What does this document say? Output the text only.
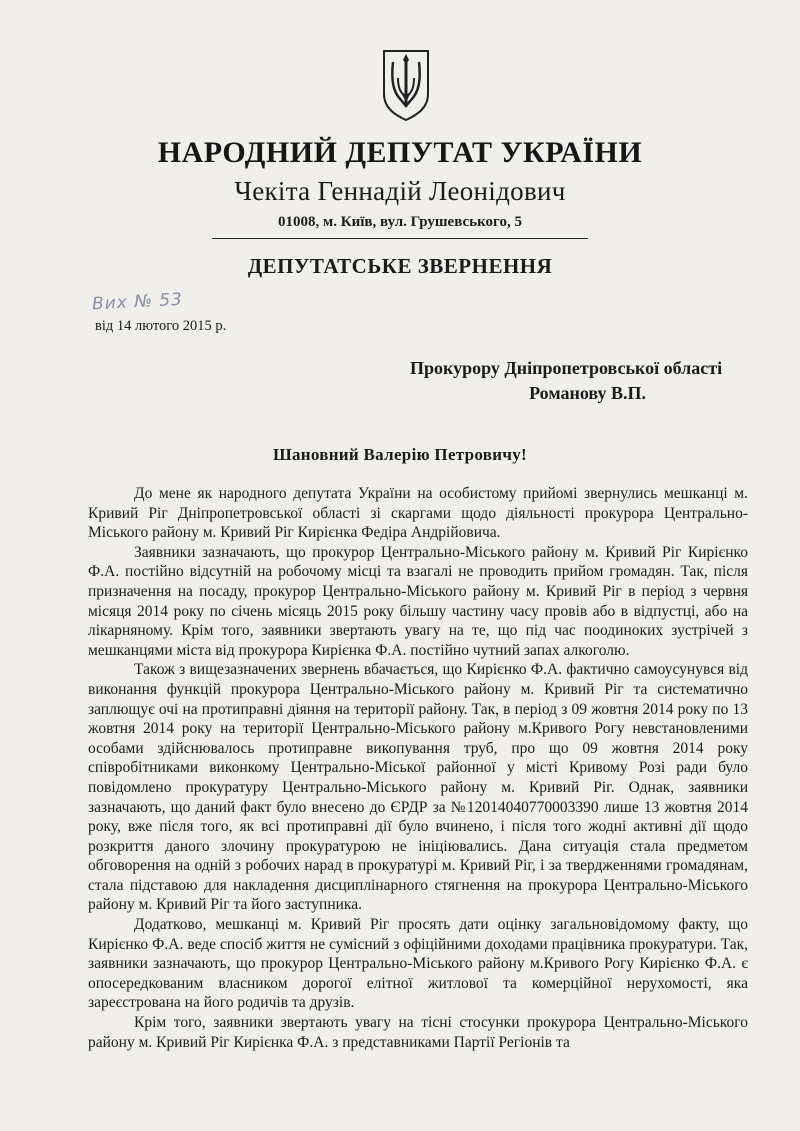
НАРОДНИЙ ДЕПУТАТ УКРАЇНИ
Чекіта Геннадій Леонідович
01008, м. Київ, вул. Грушевського, 5
ДЕПУТАТСЬКЕ ЗВЕРНЕННЯ
Вих № 53
від 14 лютого 2015 р.
Прокурору Дніпропетровської області
Романову В.П.
Шановний Валерію Петровичу!

До мене як народного депутата України на особистому прийомі звернулись мешканці м. Кривий Ріг Дніпропетровської області зі скаргами щодо діяльності прокурора Центрально-Міського району м. Кривий Ріг Кирієнка Федіра Андрійовича.

Заявники зазначають, що прокурор Центрально-Міського району м. Кривий Ріг Кирієнко Ф.А. постійно відсутній на робочому місці та взагалі не проводить прийом громадян. Так, після призначення на посаду, прокурор Центрально-Міського району м. Кривий Ріг в період з червня місяця 2014 року по січень місяць 2015 року більшу частину часу провів або в відпустці, або на лікарняному. Крім того, заявники звертають увагу на те, що під час поодиноких зустрічей з мешканцями міста від прокурора Кирієнка Ф.А. постійно чутний запах алкоголю.

Також з вищезазначених звернень вбачається, що Кирієнко Ф.А. фактично самоусунувся від виконання функцій прокурора Центрально-Міського району м. Кривий Ріг та систематично заплющує очі на протиправні діяння на території району. Так, в період з 09 жовтня 2014 року по 13 жовтня 2014 року на території Центрально-Міського району м.Кривого Рогу невстановленими особами здійснювалось протиправне викопування труб, про що 09 жовтня 2014 року співробітниками виконкому Центрально-Міської районної у місті Кривому Розі ради було повідомлено прокуратуру Центрально-Міського району м. Кривий Ріг. Однак, заявники зазначають, що даний факт було внесено до ЄРДР за №12014040770003390 лише 13 жовтня 2014 року, вже після того, як всі протиправні дії було вчинено, і після того жодні активні дії щодо розкриття даного злочину прокуратурою не ініціювались. Дана ситуація стала предметом обговорення на одній з робочих нарад в прокуратурі м. Кривий Ріг, і за твердженнями громадянам, стала підставою для накладення дисциплінарного стягнення на прокурора Центрально-Міського району м. Кривий Ріг та його заступника.

Додатково, мешканці м. Кривий Ріг просять дати оцінку загальновідомому факту, що Кирієнко Ф.А. веде спосіб життя не сумісний з офіційними доходами працівника прокуратури. Так, заявники зазначають, що прокурор Центрально-Міського району м.Кривого Рогу Кирієнко Ф.А. є опосередкованим власником дорогої елітної житлової та комерційної нерухомості, яка зареєстрована на його родичів та друзів.

Крім того, заявники звертають увагу на тісні стосунки прокурора Центрально-Міського району м. Кривий Ріг Кирієнка Ф.А. з представниками Партії Регіонів та
